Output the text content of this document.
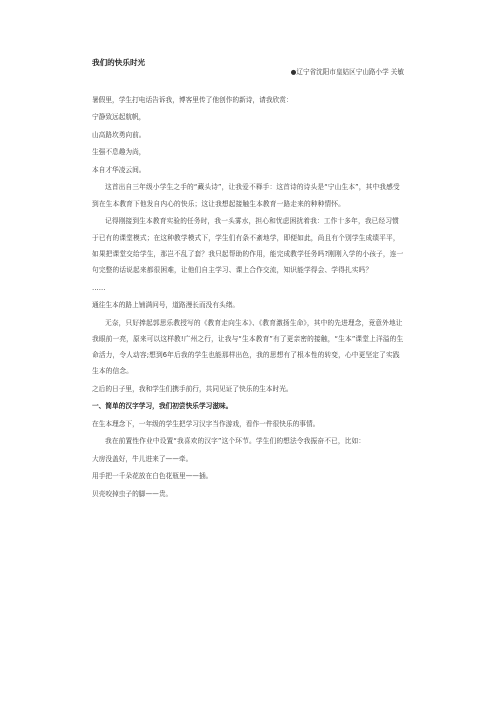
我们的快乐时光
●辽宁省沈阳市皇姑区宁山路小学 关敏
暑假里，学生打电话告诉我，博客里传了他创作的新诗，请我欣赏：
宁静致远起航帆，
山高路坎勇向前。
生强不息趣为尚，
本自才华凌云间。
这首出自三年级小学生之手的“藏头诗”，让我爱不释手：这首诗的诗头是“宁山生本”，其中我感受到在生本教育下他发自内心的快乐；这让我想起接触生本教育一路走来的种种情怀。
记得刚接到生本教育实验的任务时，我一头雾水，担心和忧虑困扰着我：工作十多年，我已经习惯于已有的课堂模式；在这种教学模式下，学生们有条不紊地学，即便如此，尚且有个别学生成绩平平，如果把课堂交给学生，那岂不乱了套？我只起帮助的作用，能完成教学任务吗?刚刚入学的小孩子，连一句完整的话说起来都很困难，让他们自主学习、课上合作交流，知识能学得会、学得扎实吗？
……
通往生本的路上铺满问号，道路漫长而没有头绪。
无奈，只好捧起郭思乐教授写的《教育走向生本》、《教育激扬生命》，其中的先进理念，竟意外地让我眼前一亮，原来可以这样教!广州之行，让我与“生本教育”有了更亲密的接触，“生本”课堂上洋溢的生命活力，令人动容;想到6年后我的学生也能那样出色，我的思想有了根本性的转变，心中更坚定了实践生本的信念。
之后的日子里，我和学生们携手前行，共同见证了快乐的生本时光。
一、简单的汉字学习，我们初尝快乐学习滋味。
在生本理念下，一年级的学生把学习汉字当作游戏，看作一件很快乐的事情。
我在前置性作业中设置“我喜欢的汉字”这个环节。学生们的想法令我振奋不已，比如：
大房没盖好，牛儿进来了——牵。
用手把一千朵花放在白色花瓶里——插。
贝壳咬掉虫子的脚——贵。
